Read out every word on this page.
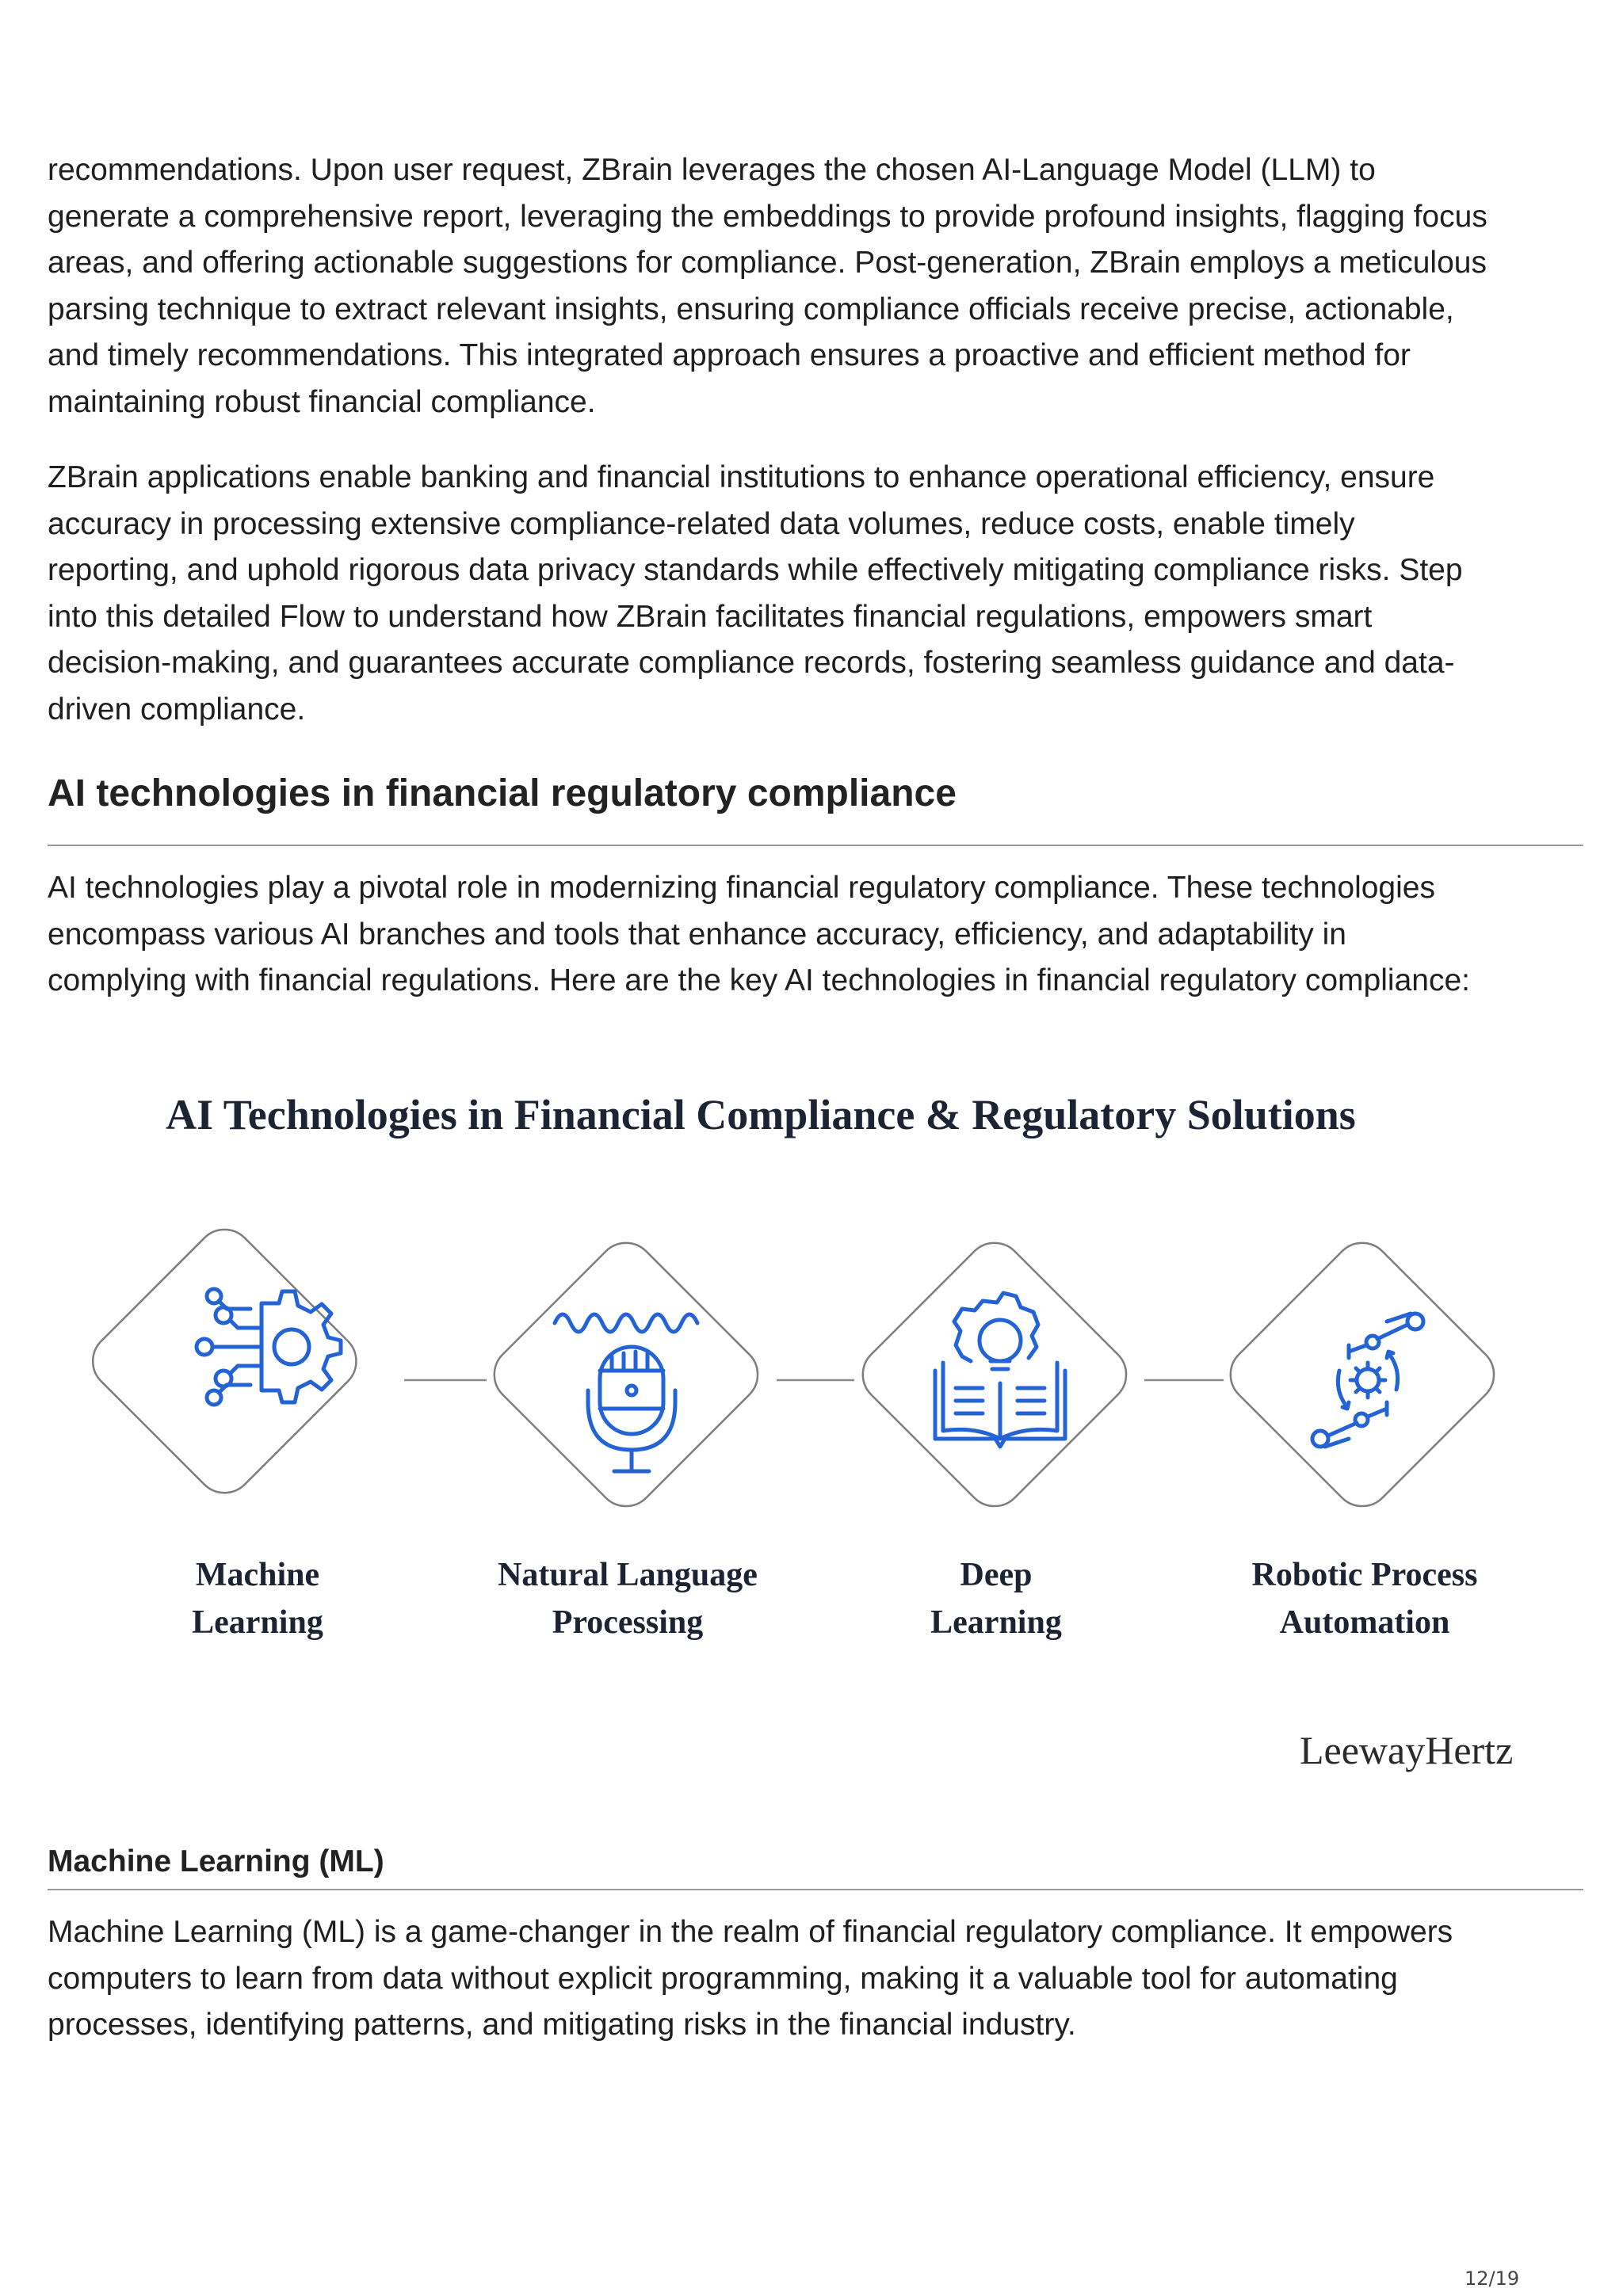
recommendations. Upon user request, ZBrain leverages the chosen AI-Language Model (LLM) to
generate a comprehensive report, leveraging the embeddings to provide profound insights, flagging focus
areas, and offering actionable suggestions for compliance. Post-generation, ZBrain employs a meticulous
parsing technique to extract relevant insights, ensuring compliance officials receive precise, actionable,
and timely recommendations. This integrated approach ensures a proactive and efficient method for
maintaining robust financial compliance.

ZBrain applications enable banking and financial institutions to enhance operational efficiency, ensure
accuracy in processing extensive compliance-related data volumes, reduce costs, enable timely
reporting, and uphold rigorous data privacy standards while effectively mitigating compliance risks. Step
into this detailed Flow to understand how ZBrain facilitates financial regulations, empowers smart
decision-making, and guarantees accurate compliance records, fostering seamless guidance and data-
driven compliance.

AI technologies in financial regulatory compliance

AI technologies play a pivotal role in modernizing financial regulatory compliance. These technologies
encompass various AI branches and tools that enhance accuracy, efficiency, and adaptability in
complying with financial regulations. Here are the key AI technologies in financial regulatory compliance:

AI Technologies in Financial Compliance & Regulatory Solutions
Machine
Learning
Natural Language
Processing
Deep
Learning
Robotic Process
Automation
LeewayHertz
Machine Learning (ML)

Machine Learning (ML) is a game-changer in the realm of financial regulatory compliance. It empowers
computers to learn from data without explicit programming, making it a valuable tool for automating
processes, identifying patterns, and mitigating risks in the financial industry.

12/19
